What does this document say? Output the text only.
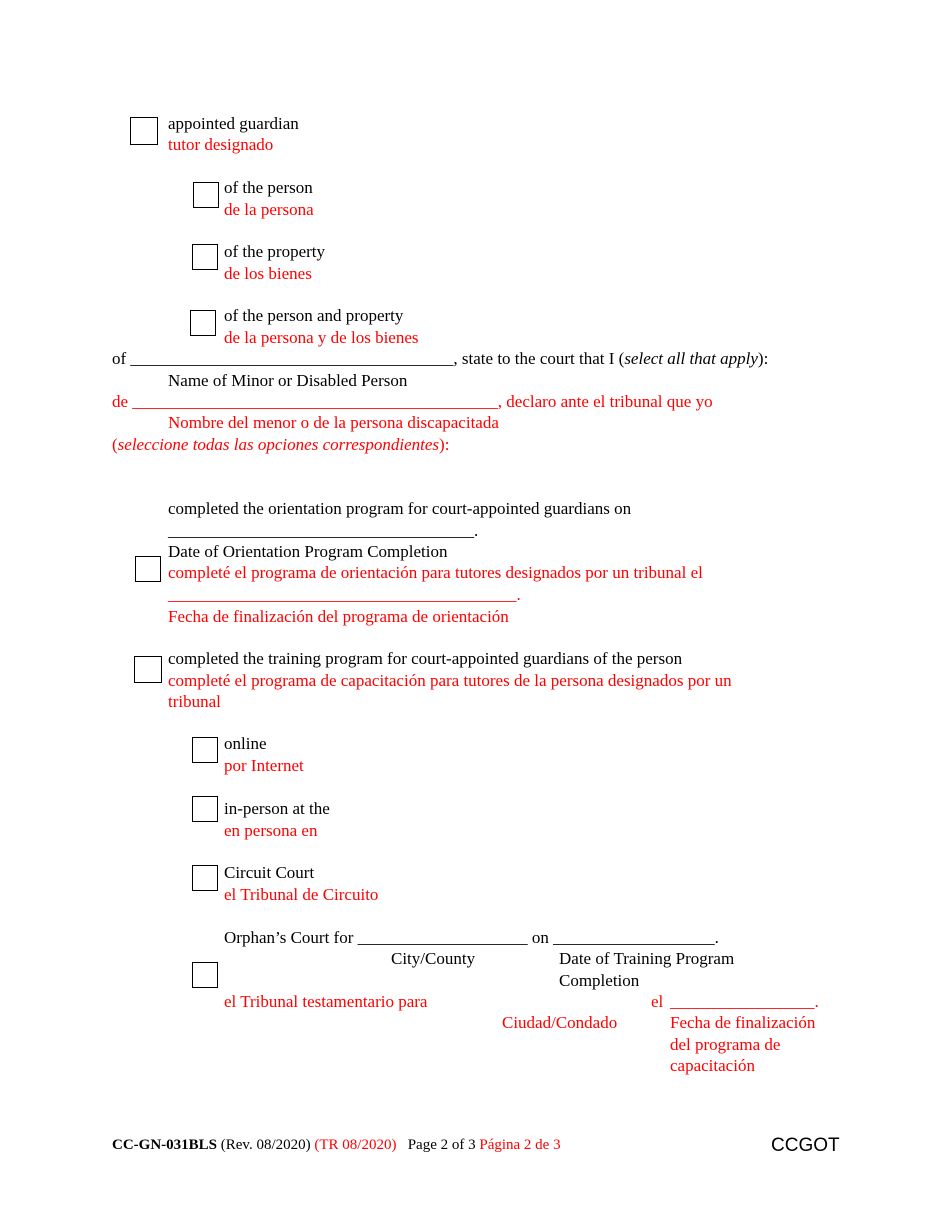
appointed guardian
tutor designado
of the person
de la persona
of the property
de los bienes
of the person and property
de la persona y de los bienes
of ______________________________________, state to the court that I (select all that apply):
Name of Minor or Disabled Person
de ___________________________________________, declaro ante el tribunal que yo
Nombre del menor o de la persona discapacitada
(seleccione todas las opciones correspondientes):
completed the orientation program for court-appointed guardians on
____________________________________.
Date of Orientation Program Completion
completé el programa de orientación para tutores designados por un tribunal el
_________________________________________.
Fecha de finalización del programa de orientación
completed the training program for court-appointed guardians of the person
completé el programa de capacitación para tutores de la persona designados por un
tribunal
online
por Internet
in-person at the
en persona en
Circuit Court
el Tribunal de Circuito
Orphan’s Court for ____________________ on ___________________.
City/County	Date of Training Program
Completion
el Tribunal testamentario para	el _________________.
Ciudad/Condado	Fecha de finalización
del programa de
capacitación
CC-GN-031BLS (Rev. 08/2020) (TR 08/2020) Page 2 of 3 Página 2 de 3	CCGOT
